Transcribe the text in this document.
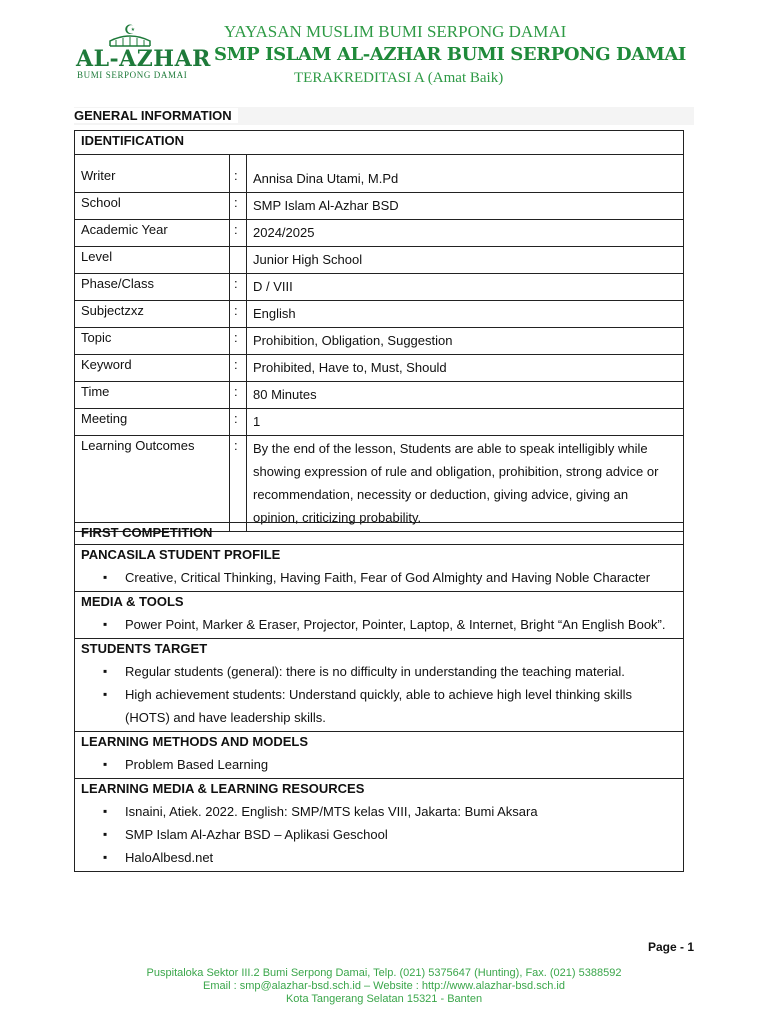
☪
AL-AZHAR
BUMI SERPONG DAMAI
YAYASAN MUSLIM BUMI SERPONG DAMAI
SMP ISLAM AL-AZHAR BUMI SERPONG DAMAI
TERAKREDITASI A (Amat Baik)
GENERAL INFORMATION
IDENTIFICATION		
Writer	:	Annisa Dina Utami, M.Pd
School	:	SMP Islam Al-Azhar BSD
Academic Year	:	2024/2025
Level		Junior High School
Phase/Class	:	D / VIII
Subjectzxz	:	English
Topic	:	Prohibition, Obligation, Suggestion
Keyword	:	Prohibited, Have to, Must, Should
Time	:	80 Minutes
Meeting	:	1
Learning Outcomes	:	By the end of the lesson, Students are able to speak intelligibly while showing expression of rule and obligation, prohibition, strong advice or recommendation, necessity or deduction, giving advice, giving an opinion, criticizing probability.
FIRST COMPETITION

PANCASILA STUDENT PROFILE
▪ Creative, Critical Thinking, Having Faith, Fear of God Almighty and Having Noble Character

MEDIA & TOOLS
▪ Power Point, Marker & Eraser, Projector, Pointer, Laptop, & Internet, Bright “An English Book”.

STUDENTS TARGET
▪ Regular students (general): there is no difficulty in understanding the teaching material.
▪ High achievement students: Understand quickly, able to achieve high level thinking skills (HOTS) and have leadership skills.

LEARNING METHODS AND MODELS
▪ Problem Based Learning

LEARNING MEDIA & LEARNING RESOURCES
▪ Isnaini, Atiek. 2022. English: SMP/MTS kelas VIII, Jakarta: Bumi Aksara
▪ SMP Islam Al-Azhar BSD – Aplikasi Geschool
▪ HaloAlbesd.net
Page - 1
Puspitaloka Sektor III.2 Bumi Serpong Damai, Telp. (021) 5375647 (Hunting), Fax. (021) 5388592
Email : smp@alazhar-bsd.sch.id – Website : http://www.alazhar-bsd.sch.id
Kota Tangerang Selatan 15321 - Banten
